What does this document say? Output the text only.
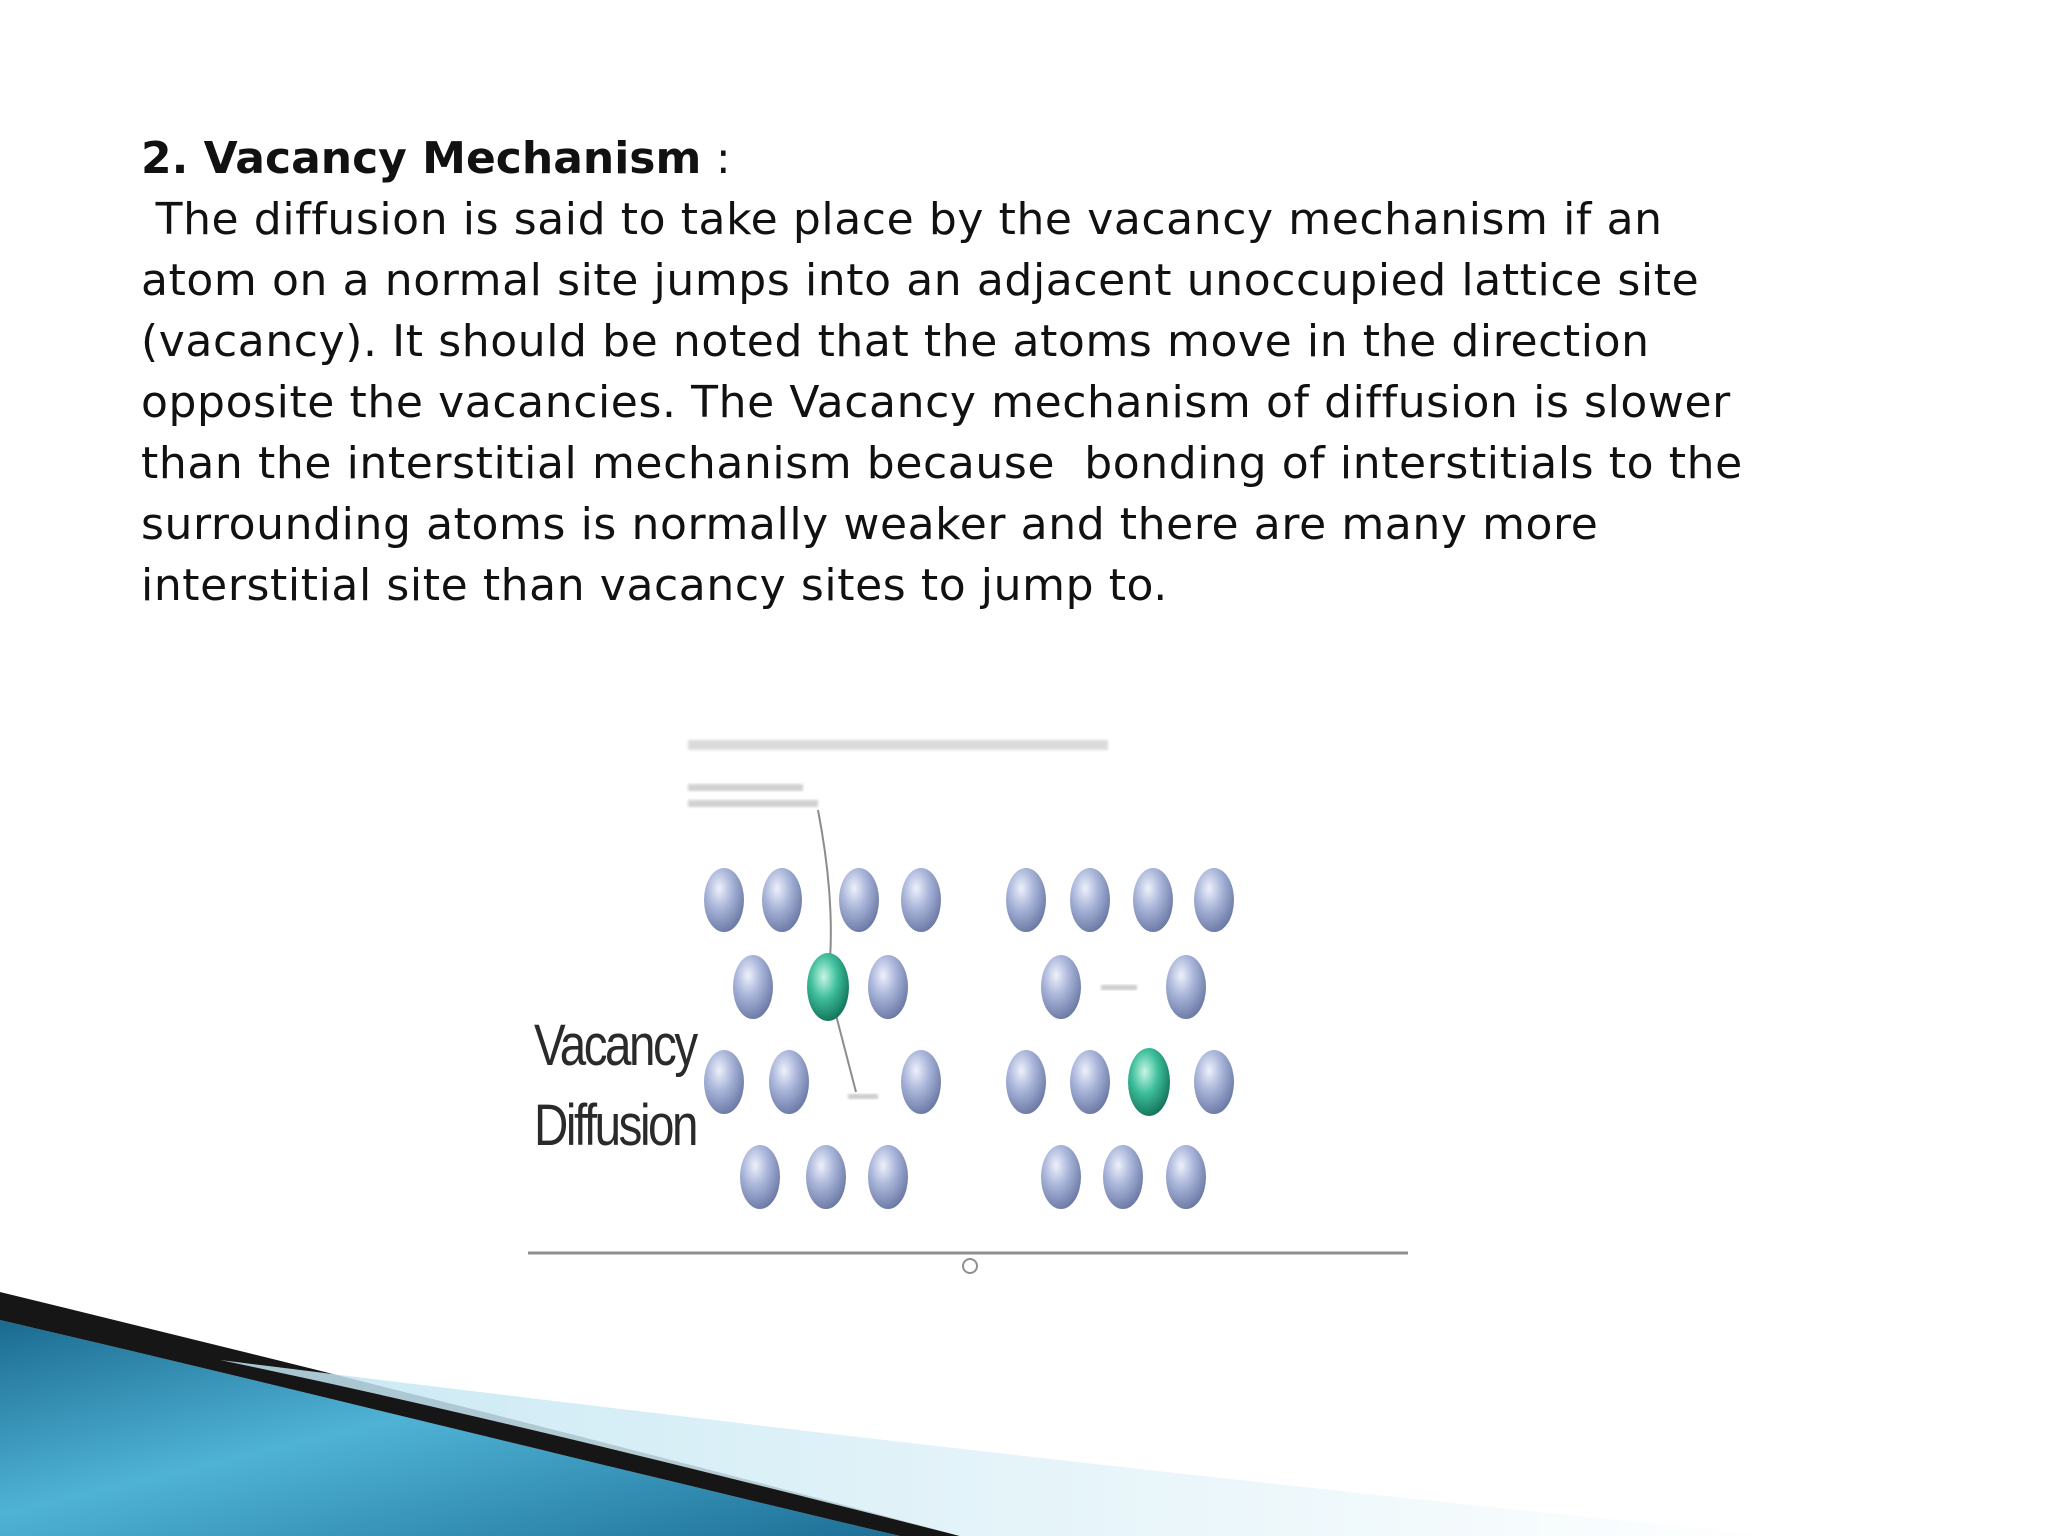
2. Vacancy Mechanism :
The diffusion is said to take place by the vacancy mechanism if an
atom on a normal site jumps into an adjacent unoccupied lattice site
(vacancy). It should be noted that the atoms move in the direction
opposite the vacancies. The Vacancy mechanism of diffusion is slower
than the interstitial mechanism because  bonding of interstitials to the
surrounding atoms is normally weaker and there are many more
interstitial site than vacancy sites to jump to.
Vacancy
Diffusion
